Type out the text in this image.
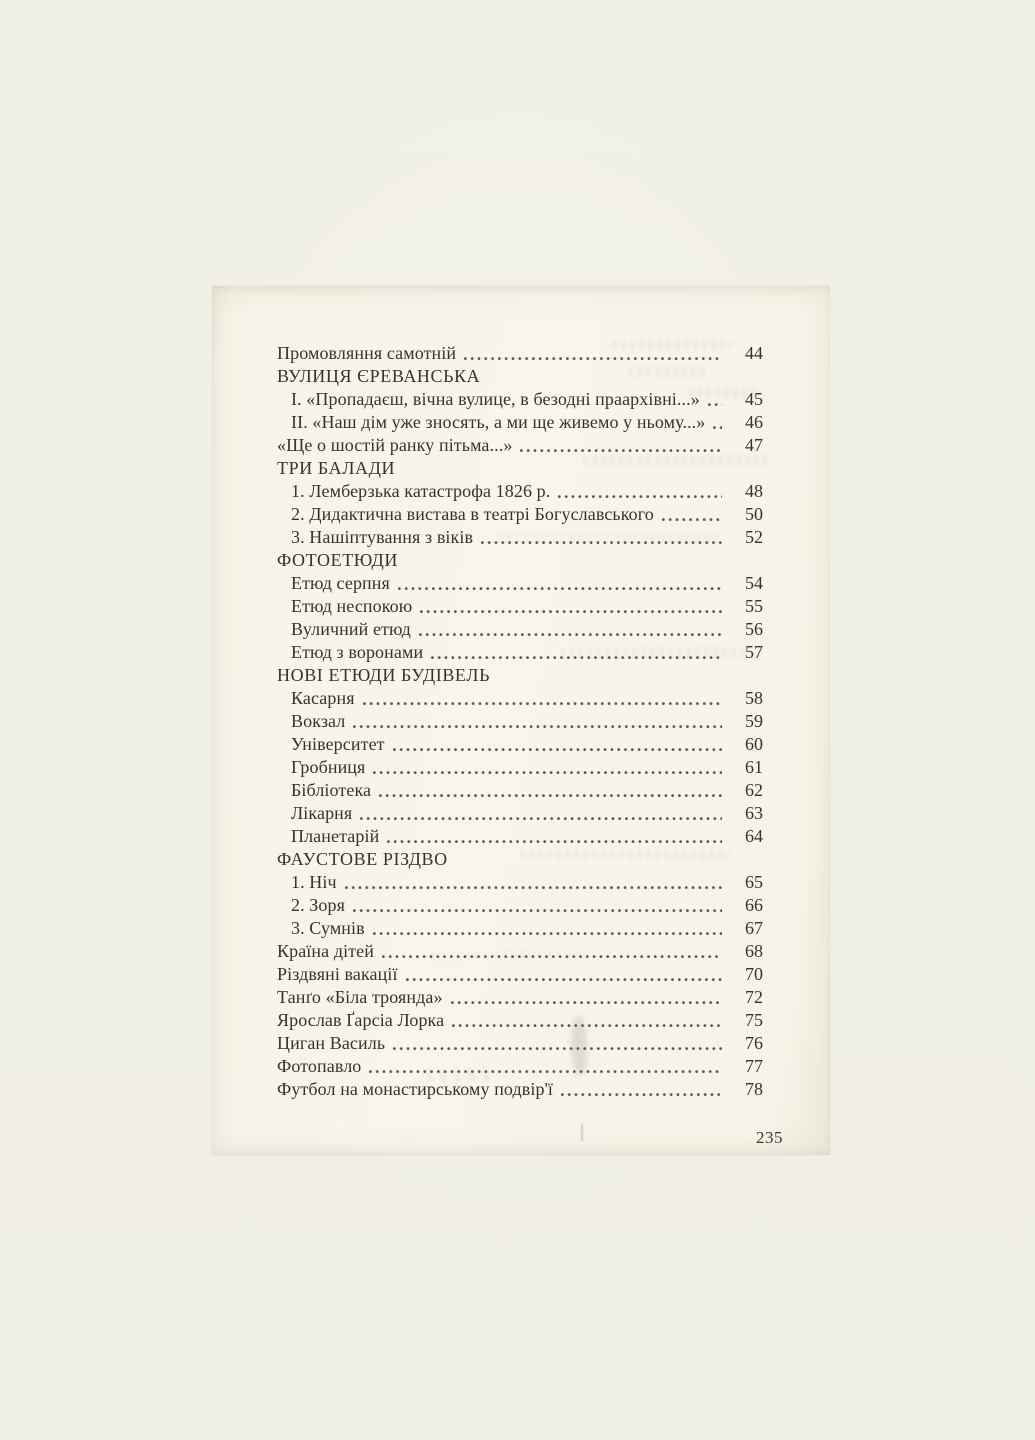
Промовляння самотній	44
ВУЛИЦЯ ЄРЕВАНСЬКА
I. «Пропадаєш, вічна вулице, в безодні праархівні...»	45
II. «Наш дім уже зносять, а ми ще живемо у ньому...»	46
«Ще о шостій ранку пітьма...»	47
ТРИ БАЛАДИ
1. Лемберзька катастрофа 1826 р.	48
2. Дидактична вистава в театрі Богуславського	50
3. Нашіптування з віків	52
ФОТОЕТЮДИ
Етюд серпня	54
Етюд неспокою	55
Вуличний етюд	56
Етюд з воронами	57
НОВІ ЕТЮДИ БУДІВЕЛЬ
Касарня	58
Вокзал	59
Університет	60
Гробниця	61
Бібліотека	62
Лікарня	63
Планетарій	64
ФАУСТОВЕ РІЗДВО
1. Ніч	65
2. Зоря	66
3. Сумнів	67
Країна дітей	68
Різдвяні вакації	70
Танґо «Біла троянда»	72
Ярослав Ґарсіа Лорка	75
Циган Василь	76
Фотопавло	77
Футбол на монастирському подвір'ї	78
235
